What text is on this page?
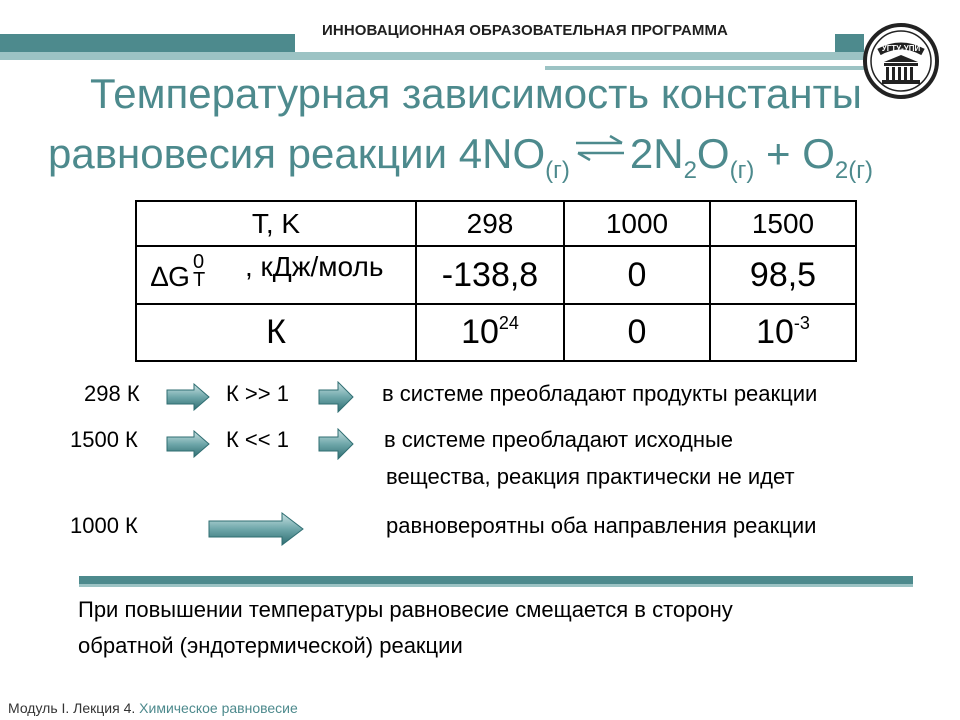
ИННОВАЦИОННАЯ ОБРАЗОВАТЕЛЬНАЯ ПРОГРАММА
УГТУ-УПИ
Температурная зависимость константы
равновесия реакции $4NO_{(г)}$ ⇌ $2N_2O_{(г)} + O_{2(г)}$
T, K	298	1000	1500

∆G 0
T , кДж/моль	-138,8	0	98,5
К	$10^{24}$	0	$10^{-3}$
298 К	К >> 1	в системе преобладают продукты реакции
1500 К	К << 1	в системе преобладают исходные
вещества, реакция практически не идет
1000 К	равновероятны оба направления реакции
При повышении температуры равновесие смещается в сторону
обратной (эндотермической) реакции
Модуль I. Лекция 4. Химическое равновесие
